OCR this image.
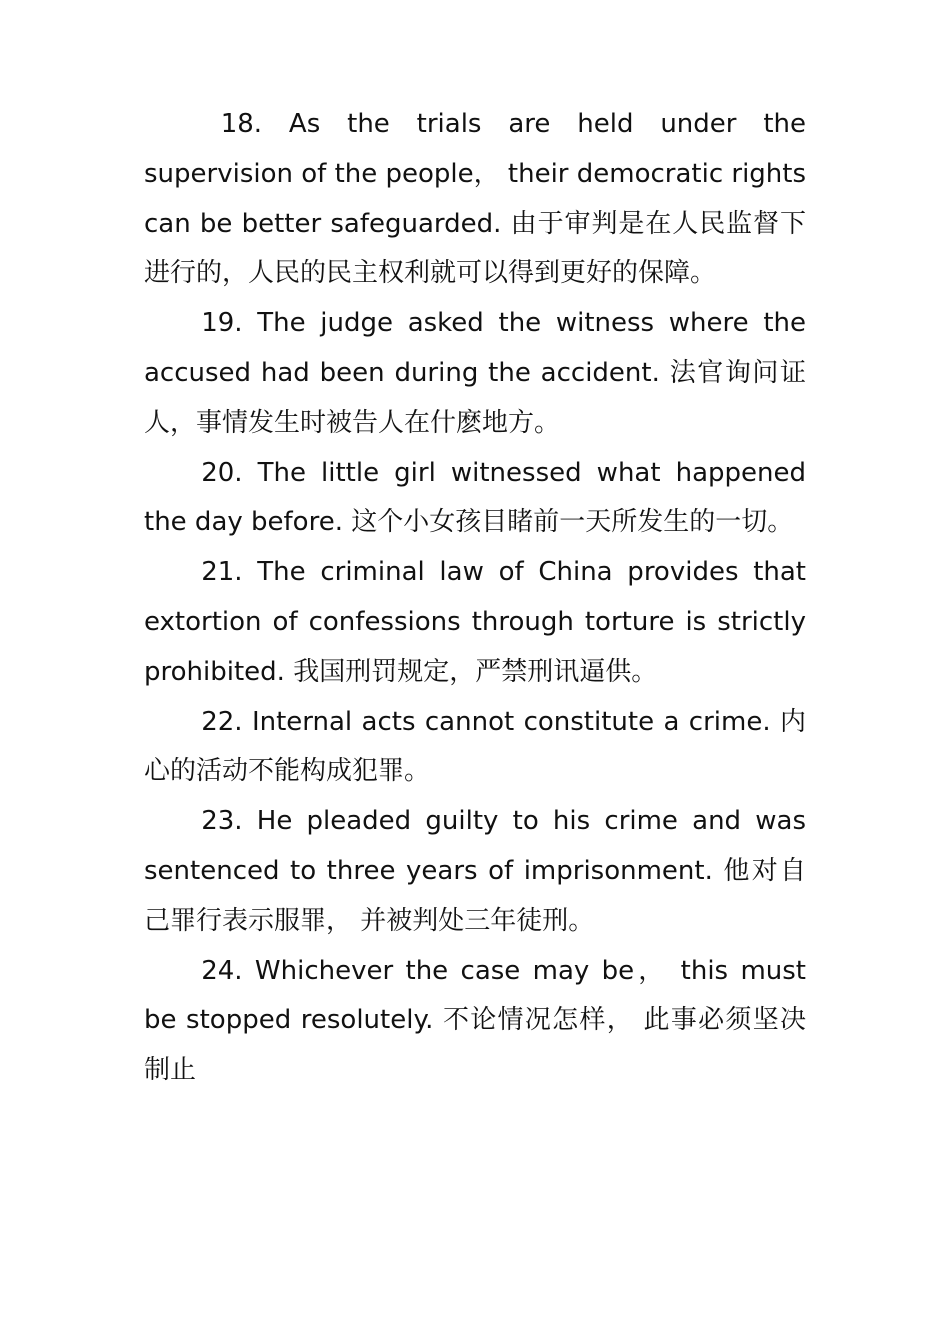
18. As the trials are held under the supervision of the people， their democratic rights can be better safeguarded. 由于审判是在人民监督下进行的，人民的民主权利就可以得到更好的保障。

19. The judge asked the witness where the accused had been during the accident. 法官询问证人，事情发生时被告人在什麽地方。

20. The little girl witnessed what happened the day before. 这个小女孩目睹前一天所发生的一切。

21. The criminal law of China provides that extortion of confessions through torture is strictly prohibited. 我国刑罚规定，严禁刑讯逼供。

22. Internal acts cannot constitute a crime. 内心的活动不能构成犯罪。

23. He pleaded guilty to his crime and was sentenced to three years of imprisonment. 他对自己罪行表示服罪， 并被判处三年徒刑。

24. Whichever the case may be， this must be stopped resolutely. 不论情况怎样， 此事必须坚决制止
